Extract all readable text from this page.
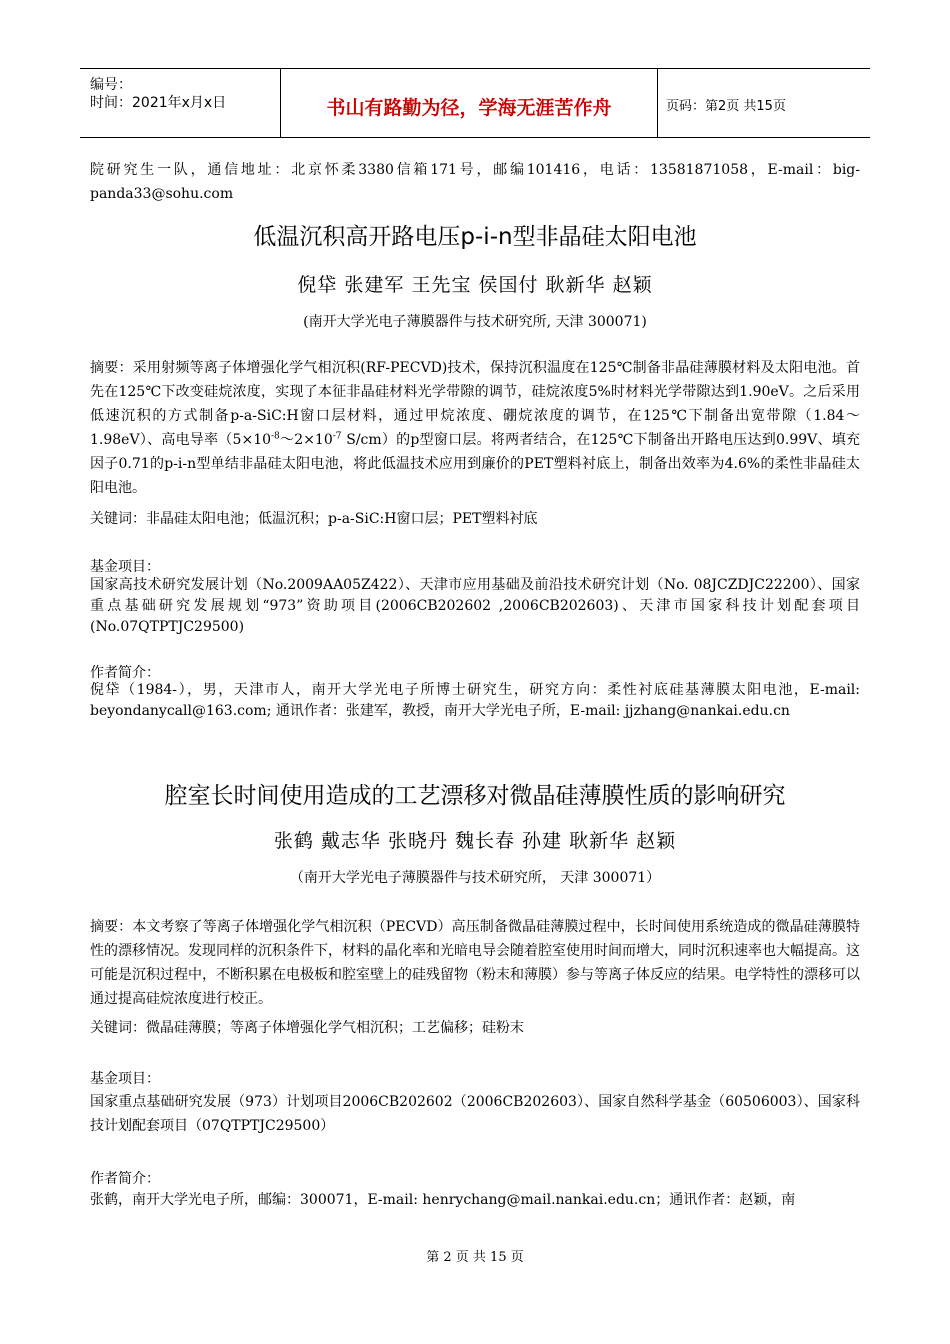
编号：
时间：2021年x月x日	书山有路勤为径，学海无涯苦作舟	页码：第2页 共15页

院研究生一队，通信地址：北京怀柔3380信箱171号，邮编101416，电话：13581871058，E-mail：big-panda33@sohu.com

低温沉积高开路电压p-i-n型非晶硅太阳电池
倪牮 张建军 王先宝 侯国付 耿新华 赵颖
(南开大学光电子薄膜器件与技术研究所, 天津 300071)

摘要：采用射频等离子体增强化学气相沉积(RF-PECVD)技术，保持沉积温度在125℃制备非晶硅薄膜材料及太阳电池。首先在125℃下改变硅烷浓度，实现了本征非晶硅材料光学带隙的调节，硅烷浓度5%时材料光学带隙达到1.90eV。之后采用低速沉积的方式制备p-a-SiC:H窗口层材料，通过甲烷浓度、硼烷浓度的调节，在125℃下制备出宽带隙（1.84～1.98eV）、高电导率（$5\times 10^{-8}\sim 2\times 10^{-7}$ S/cm）的p型窗口层。将两者结合，在125℃下制备出开路电压达到0.99V、填充因子0.71的p-i-n型单结非晶硅太阳电池，将此低温技术应用到廉价的PET塑料衬底上，制备出效率为4.6%的柔性非晶硅太阳电池。

关键词：非晶硅太阳电池；低温沉积；p-a-SiC:H窗口层；PET塑料衬底

基金项目：

国家高技术研究发展计划（No.2009AA05Z422）、天津市应用基础及前沿技术研究计划（No. 08JCZDJC22200）、国家重点基础研究发展规划“973”资助项目(2006CB202602 ,2006CB202603)、天津市国家科技计划配套项目(No.07QTPTJC29500)

作者简介：

倪牮（1984-），男，天津市人，南开大学光电子所博士研究生，研究方向：柔性衬底硅基薄膜太阳电池，E-mail: beyondanycall@163.com; 通讯作者：张建军，教授，南开大学光电子所，E-mail: jjzhang@nankai.edu.cn

腔室长时间使用造成的工艺漂移对微晶硅薄膜性质的影响研究
张鹤 戴志华 张晓丹 魏长春 孙建 耿新华 赵颖
（南开大学光电子薄膜器件与技术研究所， 天津 300071）

摘要：本文考察了等离子体增强化学气相沉积（PECVD）高压制备微晶硅薄膜过程中，长时间使用系统造成的微晶硅薄膜特性的漂移情况。发现同样的沉积条件下，材料的晶化率和光暗电导会随着腔室使用时间而增大，同时沉积速率也大幅提高。这可能是沉积过程中，不断积累在电极板和腔室壁上的硅残留物（粉末和薄膜）参与等离子体反应的结果。电学特性的漂移可以通过提高硅烷浓度进行校正。

关键词：微晶硅薄膜；等离子体增强化学气相沉积；工艺偏移；硅粉末

基金项目：

国家重点基础研究发展（973）计划项目2006CB202602（2006CB202603）、国家自然科学基金（60506003）、国家科技计划配套项目（07QTPTJC29500）

作者简介：

张鹤，南开大学光电子所，邮编：300071，E-mail: henrychang@mail.nankai.edu.cn；通讯作者：赵颖，南

第 2 页 共 15 页
